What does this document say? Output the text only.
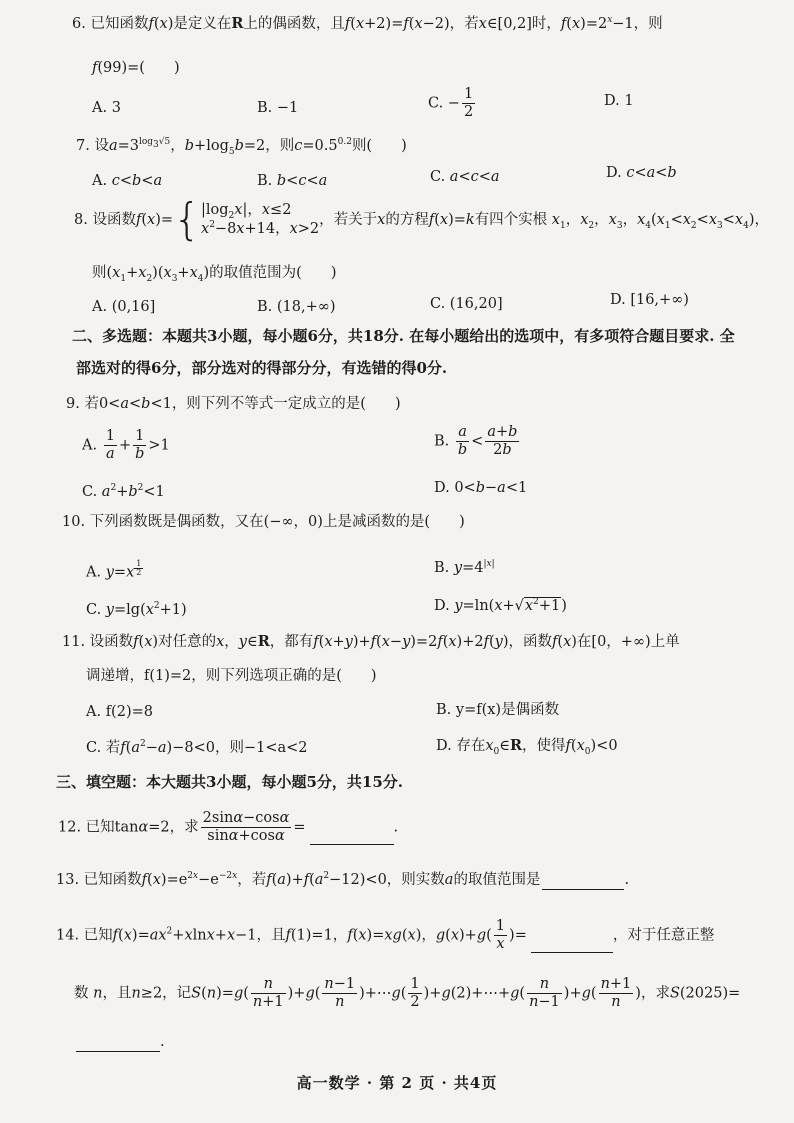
6. 已知函数f(x)是定义在R上的偶函数，且f(x+2)=f(x−2)，若x∈[0,2]时，$f(x)=2^x-1$，则
f(99)=(　　)
A. 3	B. −1	C. − $\frac{1}{2}$	D. 1
7. 设$a=3^{log_3√5}$，$b+\log_5b=2$，则$c=0.5^{0.2}$则(　　)
A. c<b<a	B. b<c<a	C. a<c<a	D. c<a<b
8. 设函数f(x)={ $|\log_2x|$，x≤2
$x^2-8x+14$，x>2
，若关于x的方程f(x)=k有四个实根 $x_1$，$x_2$，$x_3$，$x_4(x_1<x_2<x_3<x_4)$，
则$(x_1+x_2)(x_3+x_4)$的取值范围为(　　)
A. (0,16]	B. (18,+∞)	C. (16,20]	D. [16,+∞)
二、多选题：本题共3小题，每小题6分，共18分. 在每小题给出的选项中，有多项符合题目要求. 全
部选对的得6分，部分选对的得部分分，有选错的得0分.
9. 若0<a<b<1，则下列不等式一定成立的是(　　)
A. $\frac{1}{a} + \frac{1}{b} >1$	B. $\frac{a}{b} < \frac{a+b}{2b}$
C. $a^2+b^2<1$	D. 0<b−a<1
10. 下列函数既是偶函数，又在(−∞，0)上是减函数的是(　　)
A. y=x $^{\frac{1}{2}}$	B. $y=4^{|x|}$
C. $y=\lg(x^2+1)$	D. $y=\ln(x+√x^2+1)$
11. 设函数f(x)对任意的x，y∈R，都有f(x+y)+f(x−y)=2f(x)+2f(y)，函数f(x)在[0，+∞)上单
调递增，f(1)=2，则下列选项正确的是(　　)
A. f(2)=8	B. y=f(x)是偶函数
C. 若$f(a^2-a)-8<0$，则−1<a<2	D. 存在$x_0\in R$，使得$f(x_0)<0$
三、填空题：本大题共3小题，每小题5分，共15分.
12. 已知tanα=2，求 $\frac{2\sin\alpha-\cos\alpha}{\sin\alpha+\cos\alpha}$ =	.
13. 已知函数$f(x)=e^{2x}-e^{-2x}$，若$f(a)+f(a^2-12)<0$，则实数a的取值范围是	.
14. 已知$f(x)=ax^2+xlnx+x-1$，且f(1)=1，f(x)=xg(x)，$g(x)+g( \frac{1}{x}$ )=	，对于任意正整
数 n，且n≥2，记$S(n)=g( \frac{n}{n+1} )+g( \frac{n-1}{n}$ )+⋯g( $\frac{1}{2}$ )+g(2)+⋯+g( $\frac{n}{n-1} )+g( \frac{n+1}{n}$ )，求S(2025)=
.
高一数学 · 第 2 页 · 共4页
